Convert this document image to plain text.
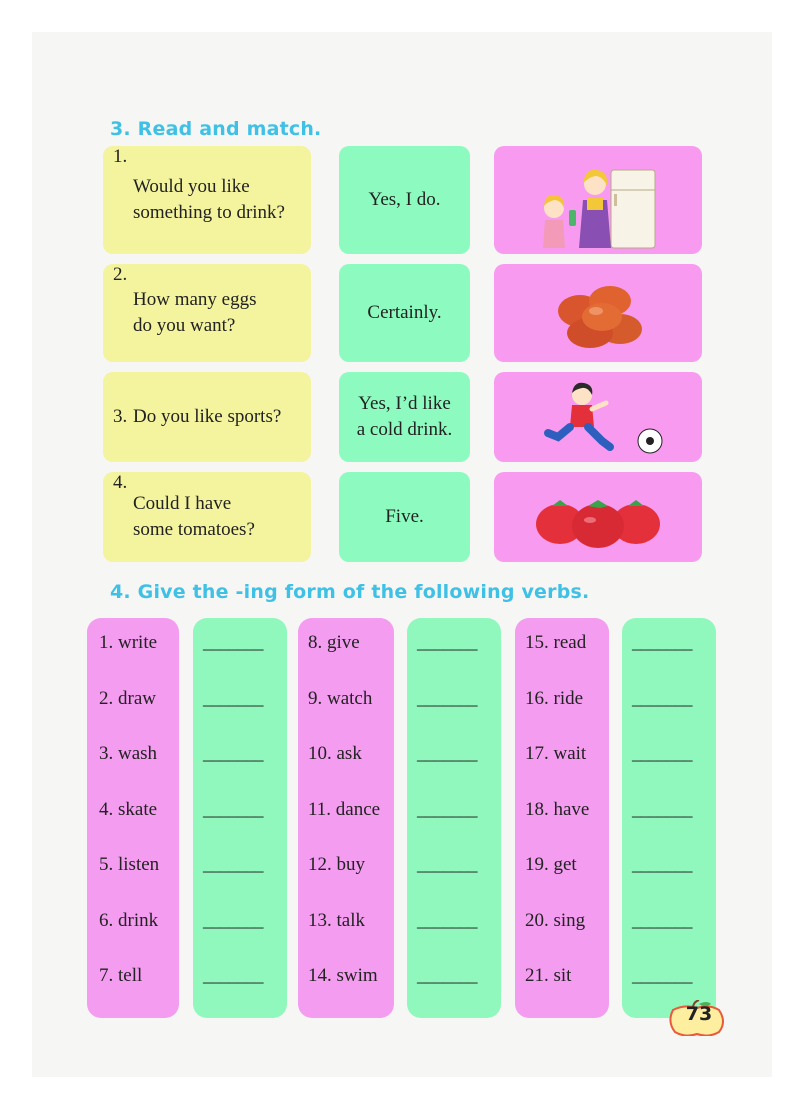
3. Read and match.
1.
Would you like
something to drink?
2.
How many eggs
do you want?
3. Do you like sports?
4.
Could I have
some tomatoes?
Yes, I do.
Certainly.
Yes, I’d like
a cold drink.
Five.
4. Give the -ing form of the following verbs.
1. write
2. draw
3. wash
4. skate
5. listen
6. drink
7. tell
_______
_______
_______
_______
_______
_______
_______
8. give
9. watch
10. ask
11. dance
12. buy
13. talk
14. swim
_______
_______
_______
_______
_______
_______
_______
15. read
16. ride
17. wait
18. have
19. get
20. sing
21. sit
_______
_______
_______
_______
_______
_______
_______
73
